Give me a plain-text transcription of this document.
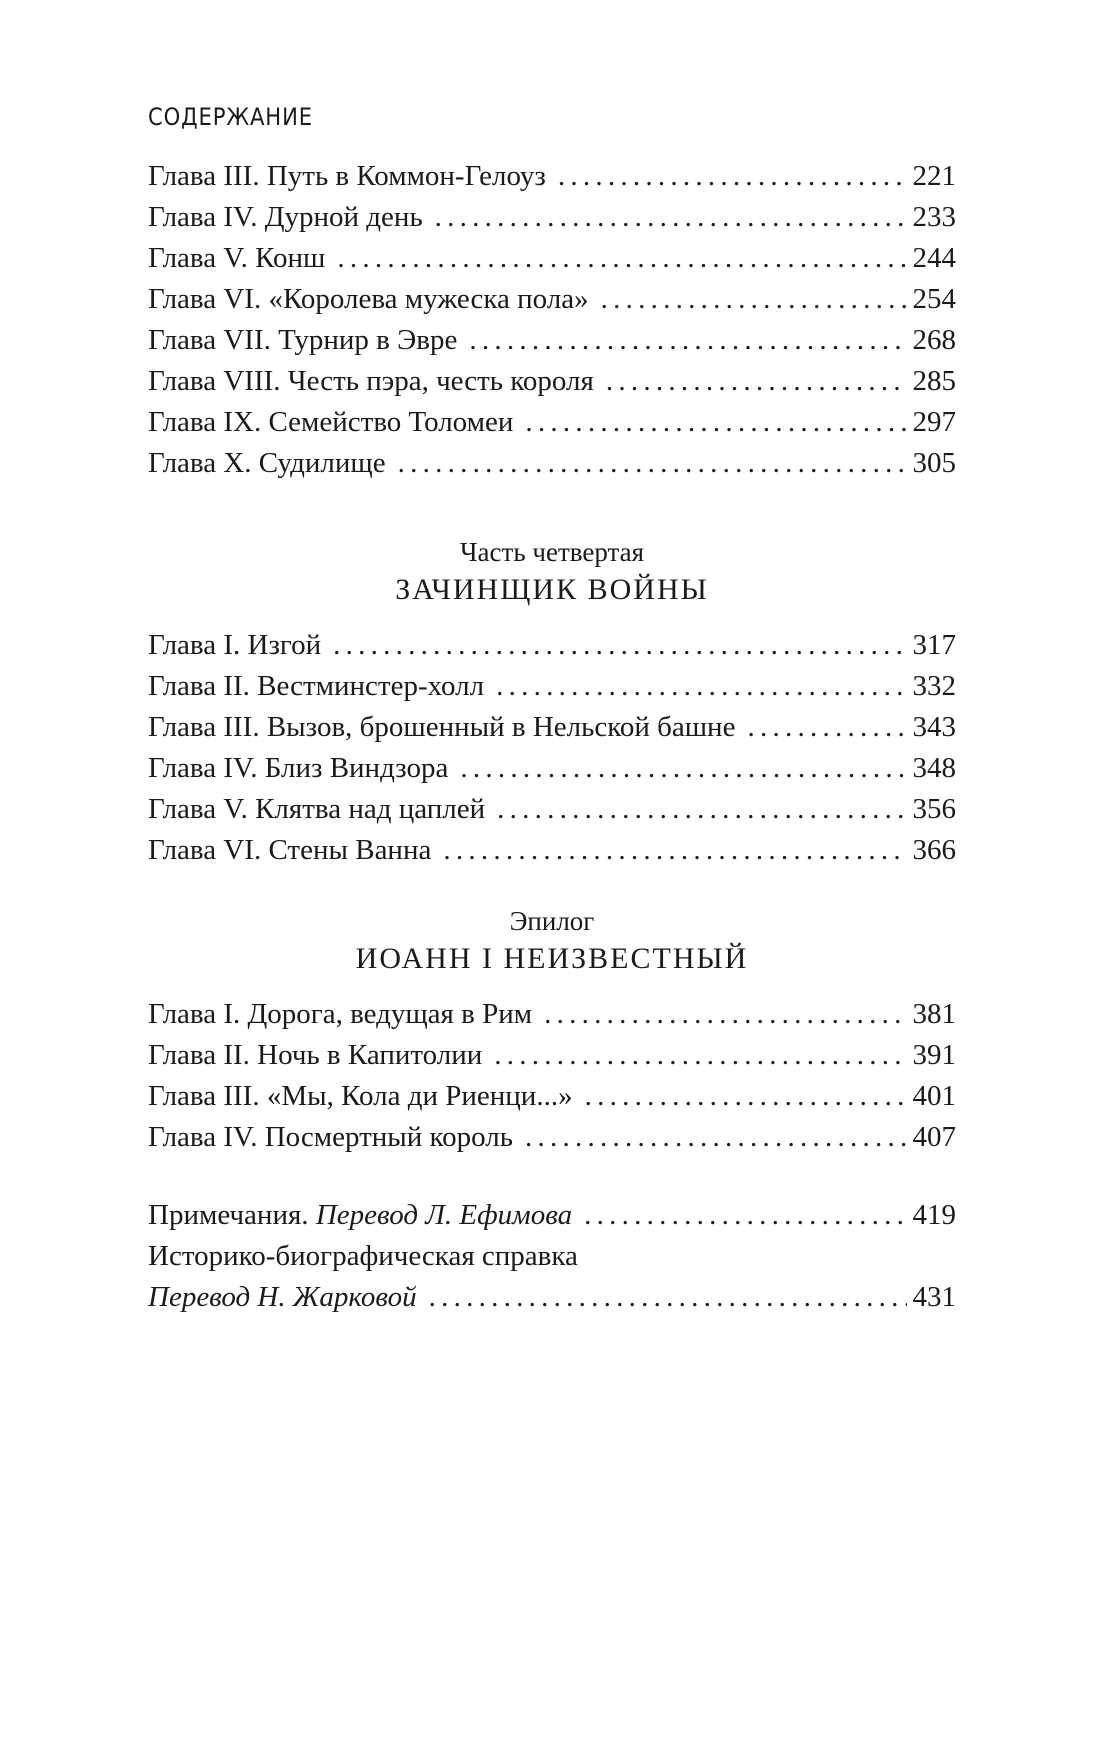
СОДЕРЖАНИЕ
Глава III. Путь в Коммон-Гелоуз . . .	221
Глава IV. Дурной день . . .	233
Глава V. Конш . . .	244
Глава VI. «Королева мужеска пола» . . .	254
Глава VII. Турнир в Эвре . . .	268
Глава VIII. Честь пэра, честь короля . . .	285
Глава IX. Семейство Толомеи . . .	297
Глава X. Судилище . . .	305
Часть четвертая
ЗАЧИНЩИК ВОЙНЫ
Глава I. Изгой . . .	317
Глава II. Вестминстер-холл . . .	332
Глава III. Вызов, брошенный в Нельской башне . . .	343
Глава IV. Близ Виндзора . . .	348
Глава V. Клятва над цаплей . . .	356
Глава VI. Стены Ванна . . .	366
Эпилог
ИОАНН I НЕИЗВЕСТНЫЙ
Глава I. Дорога, ведущая в Рим . . .	381
Глава II. Ночь в Капитолии . . .	391
Глава III. «Мы, Кола ди Риенци...» . . .	401
Глава IV. Посмертный король . . .	407
Примечания. Перевод Л. Ефимова . . .	419
Историко-биографическая справка
Перевод Н. Жарковой . . .	431
